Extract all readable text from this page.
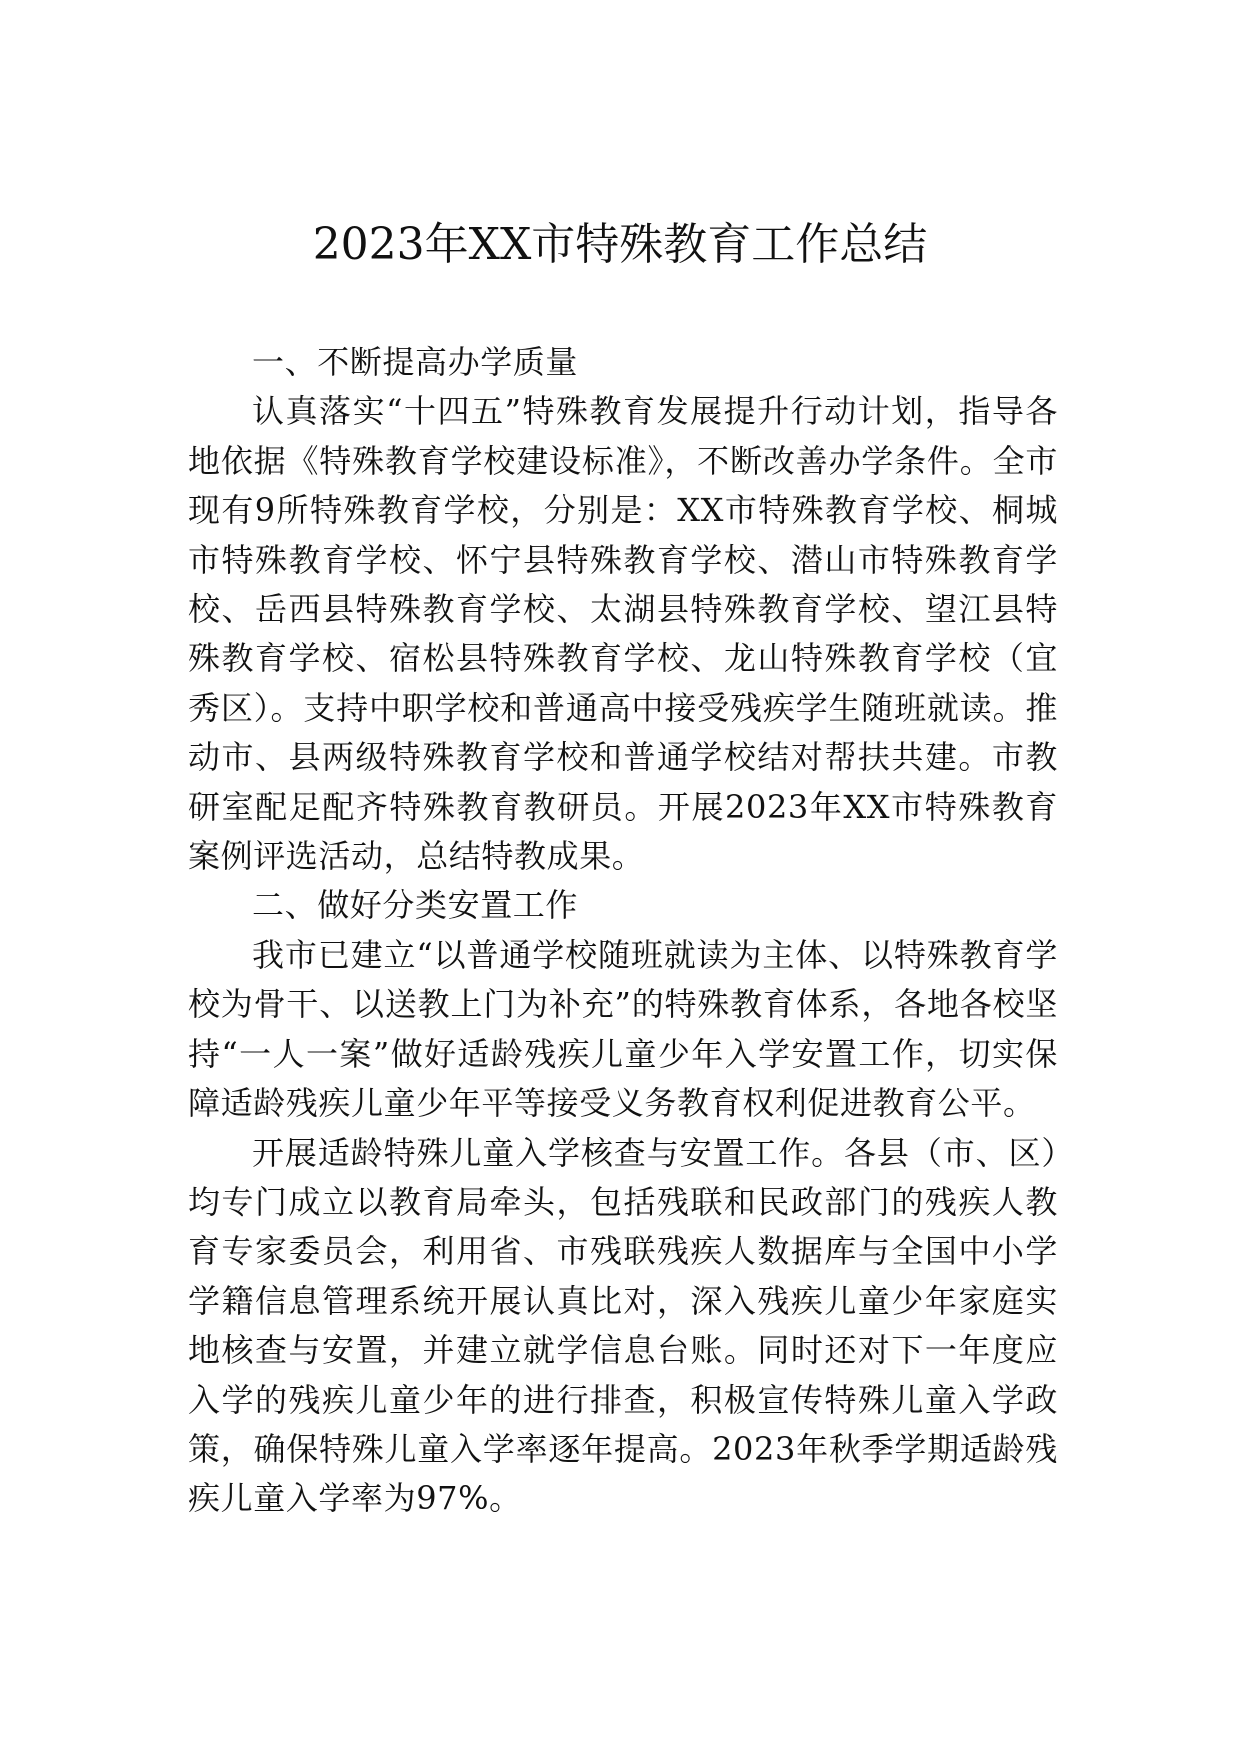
2023年XX市特殊教育工作总结
一、不断提高办学质量

认真落实“十四五”特殊教育发展提升行动计划，指导各地依据《特殊教育学校建设标准》，不断改善办学条件。全市现有9所特殊教育学校，分别是：XX市特殊教育学校、桐城市特殊教育学校、怀宁县特殊教育学校、潜山市特殊教育学校、岳西县特殊教育学校、太湖县特殊教育学校、望江县特殊教育学校、宿松县特殊教育学校、龙山特殊教育学校（宜秀区）。支持中职学校和普通高中接受残疾学生随班就读。推动市、县两级特殊教育学校和普通学校结对帮扶共建。市教研室配足配齐特殊教育教研员。开展2023年XX市特殊教育案例评选活动，总结特教成果。

二、做好分类安置工作

我市已建立“以普通学校随班就读为主体、以特殊教育学校为骨干、以送教上门为补充”的特殊教育体系，各地各校坚持“一人一案”做好适龄残疾儿童少年入学安置工作，切实保障适龄残疾儿童少年平等接受义务教育权利促进教育公平。

开展适龄特殊儿童入学核查与安置工作。各县（市、区）均专门成立以教育局牵头，包括残联和民政部门的残疾人教育专家委员会，利用省、市残联残疾人数据库与全国中小学学籍信息管理系统开展认真比对，深入残疾儿童少年家庭实地核查与安置，并建立就学信息台账。同时还对下一年度应入学的残疾儿童少年的进行排查，积极宣传特殊儿童入学政策，确保特殊儿童入学率逐年提高。2023年秋季学期适龄残疾儿童入学率为97%。
